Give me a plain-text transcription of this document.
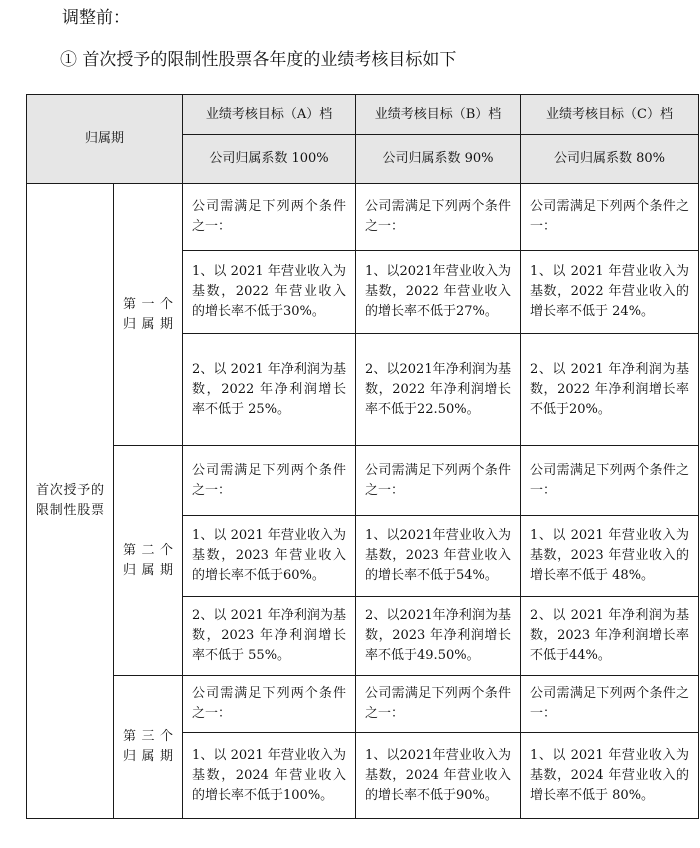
调整前：
① 首次授予的限制性股票各年度的业绩考核目标如下
归属期		业绩考核目标（A）档	业绩考核目标（B）档	业绩考核目标（C）档
		公司归属系数 100%	公司归属系数 90%	公司归属系数 80%

首次授予的限制性股票	第一个归属期	公司需满足下列两个条件之一：	公司需满足下列两个条件之一：	公司需满足下列两个条件之一：
		1、以 2021 年营业收入为基数，2022 年营业收入的增长率不低于30%。	1、以2021年营业收入为基数，2022 年营业收入的增长率不低于27%。	1、以 2021 年营业收入为基数，2022 年营业收入的增长率不低于 24%。
		2、以 2021 年净利润为基数，2022 年净利润增长率不低于 25%。	2、以2021年净利润为基数，2022 年净利润增长率不低于22.50%。	2、以 2021 年净利润为基数，2022 年净利润增长率不低于20%。

	第二个归属期	公司需满足下列两个条件之一：	公司需满足下列两个条件之一：	公司需满足下列两个条件之一：
		1、以 2021 年营业收入为基数，2023 年营业收入的增长率不低于60%。	1、以2021年营业收入为基数，2023 年营业收入的增长率不低于54%。	1、以 2021 年营业收入为基数，2023 年营业收入的增长率不低于 48%。
		2、以 2021 年净利润为基数，2023 年净利润增长率不低于 55%。	2、以2021年净利润为基数，2023 年净利润增长率不低于49.50%。	2、以 2021 年净利润为基数，2023 年净利润增长率不低于44%。

	第三个归属期	公司需满足下列两个条件之一：	公司需满足下列两个条件之一：	公司需满足下列两个条件之一：
		1、以 2021 年营业收入为基数，2024 年营业收入的增长率不低于100%。	1、以2021年营业收入为基数，2024 年营业收入的增长率不低于90%。	1、以 2021 年营业收入为基数，2024 年营业收入的增长率不低于 80%。
